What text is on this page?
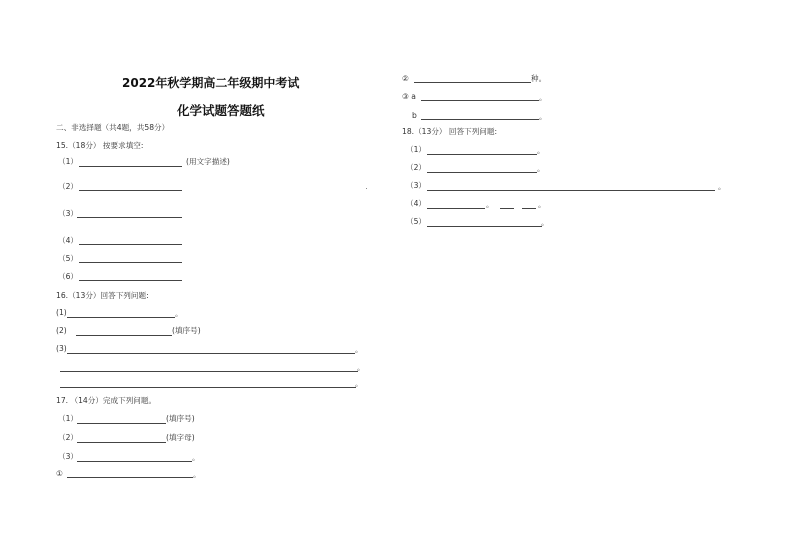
2022年秋学期高二年级期中考试
化学试题答题纸
二、非选择题（共4题，共58分）
15.（18分） 按要求填空:
（1）	(用文字描述)
（2）
（3）
（4）
（5）
（6）
16.（13分）回答下列问题:
(1)	。
(2)	(填序号)
(3)	。
。
。
17. （14分）完成下列问题。
（1）	(填序号)
（2）	(填字母)
（3）	。
①	。
②	种。
③ a	。
b	。
18.（13分） 回答下列问题:
（1）	。
（2）	。
（3）	。
（4）	。	。
（5）	。
